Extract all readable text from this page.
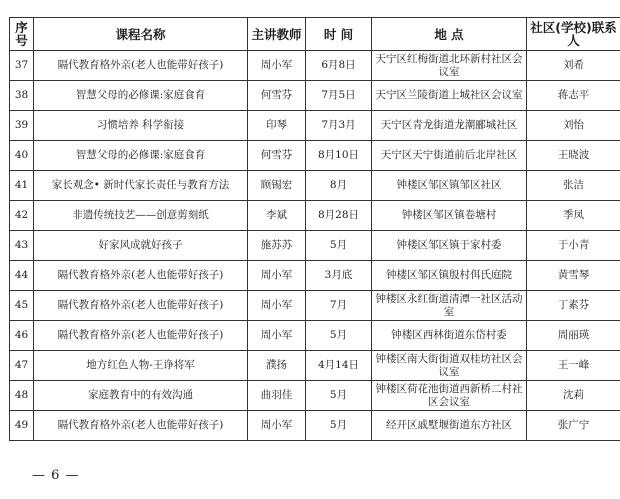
序号	课程名称	主讲教师	时 间	地 点	社区(学校)联系人
37	隔代教育格外亲(老人也能带好孩子)	周小军	6月8日	天宁区红梅街道北环新村社区会议室	刘希
38	智慧父母的必修课:家庭食育	何雪芬	7月5日	天宁区兰陵街道上城社区会议室	蒋志平
39	习惯培养 科学衔接	印琴	7月3月	天宁区青龙街道龙潮郦城社区	刘怡
40	智慧父母的必修课:家庭食育	何雪芬	8月10日	天宁区天宁街道前后北岸社区	王晓波
41	家长观念• 新时代家长责任与教育方法	顾锡宏	8月	钟楼区邹区镇邹区社区	张洁
42	非遗传统技艺——创意剪刻纸	李斌	8月28日	钟楼区邹区镇卷塘村	季凤
43	好家风成就好孩子	施苏苏	5月	钟楼区邹区镇于家村委	于小青
44	隔代教育格外亲(老人也能带好孩子)	周小军	3月底	钟楼区邹区镇殷村佴氏庭院	黄雪琴
45	隔代教育格外亲(老人也能带好孩子)	周小军	7月	钟楼区永红街道清潭一社区活动室	丁素芬
46	隔代教育格外亲(老人也能带好孩子)	周小军	5月	钟楼区西林街道东岱村委	周丽瑛
47	地方红色人物-王诤将军	濮扬	4月14日	钟楼区南大街街道双桂坊社区会议室	王一峰
48	家庭教育中的有效沟通	曲羽佳	5月	钟楼区荷花池街道西新桥二村社区会议室	沈莉
49	隔代教育格外亲(老人也能带好孩子)	周小军	5月	经开区戚墅堰街道东方社区	张广宁
— 6 —
